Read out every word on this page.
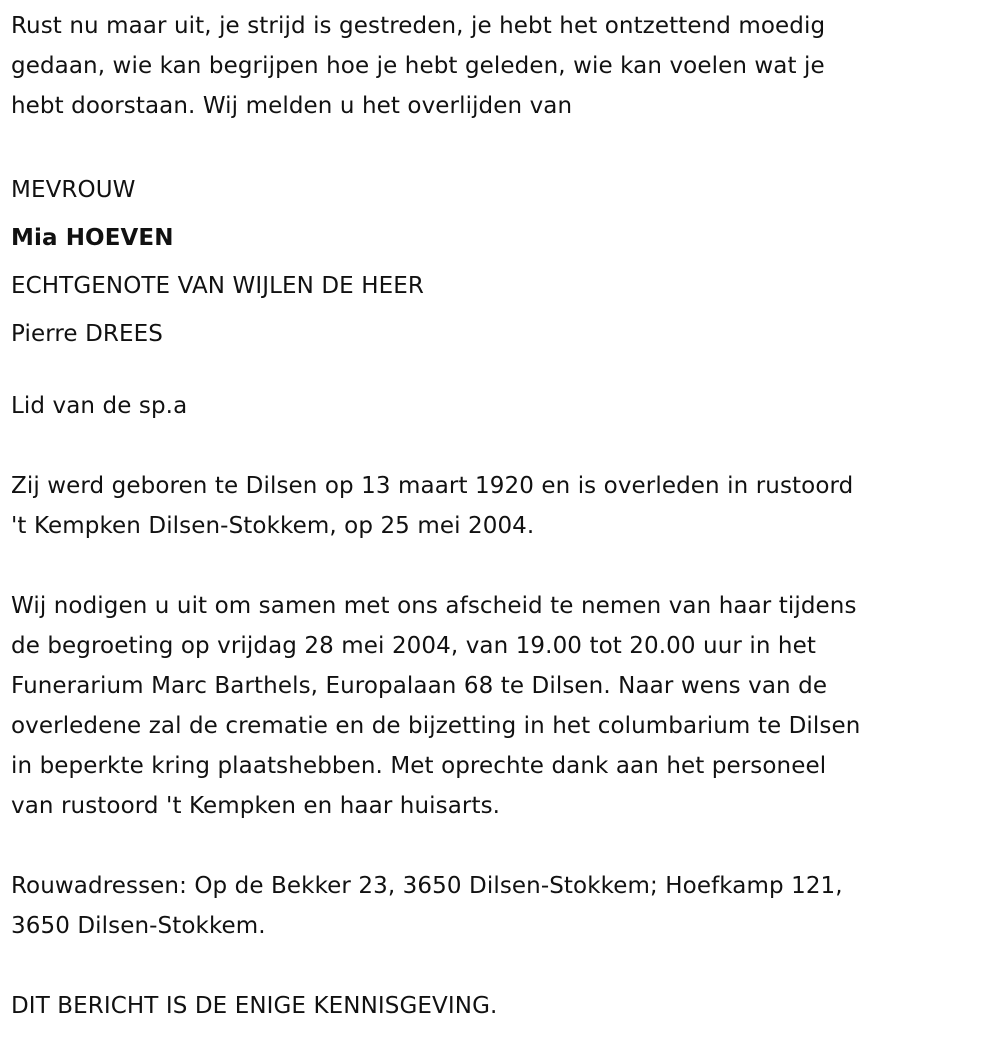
Rust nu maar uit, je strijd is gestreden, je hebt het ontzettend moedig

gedaan, wie kan begrijpen hoe je hebt geleden, wie kan voelen wat je

hebt doorstaan. Wij melden u het overlijden van

MEVROUW

Mia HOEVEN

ECHTGENOTE VAN WIJLEN DE HEER

Pierre DREES

Lid van de sp.a

Zij werd geboren te Dilsen op 13 maart 1920 en is overleden in rustoord

't Kempken Dilsen-Stokkem, op 25 mei 2004.

Wij nodigen u uit om samen met ons afscheid te nemen van haar tijdens

de begroeting op vrijdag 28 mei 2004, van 19.00 tot 20.00 uur in het

Funerarium Marc Barthels, Europalaan 68 te Dilsen. Naar wens van de

overledene zal de crematie en de bijzetting in het columbarium te Dilsen

in beperkte kring plaatshebben. Met oprechte dank aan het personeel

van rustoord 't Kempken en haar huisarts.

Rouwadressen: Op de Bekker 23, 3650 Dilsen-Stokkem; Hoefkamp 121,

3650 Dilsen-Stokkem.

DIT BERICHT IS DE ENIGE KENNISGEVING.
